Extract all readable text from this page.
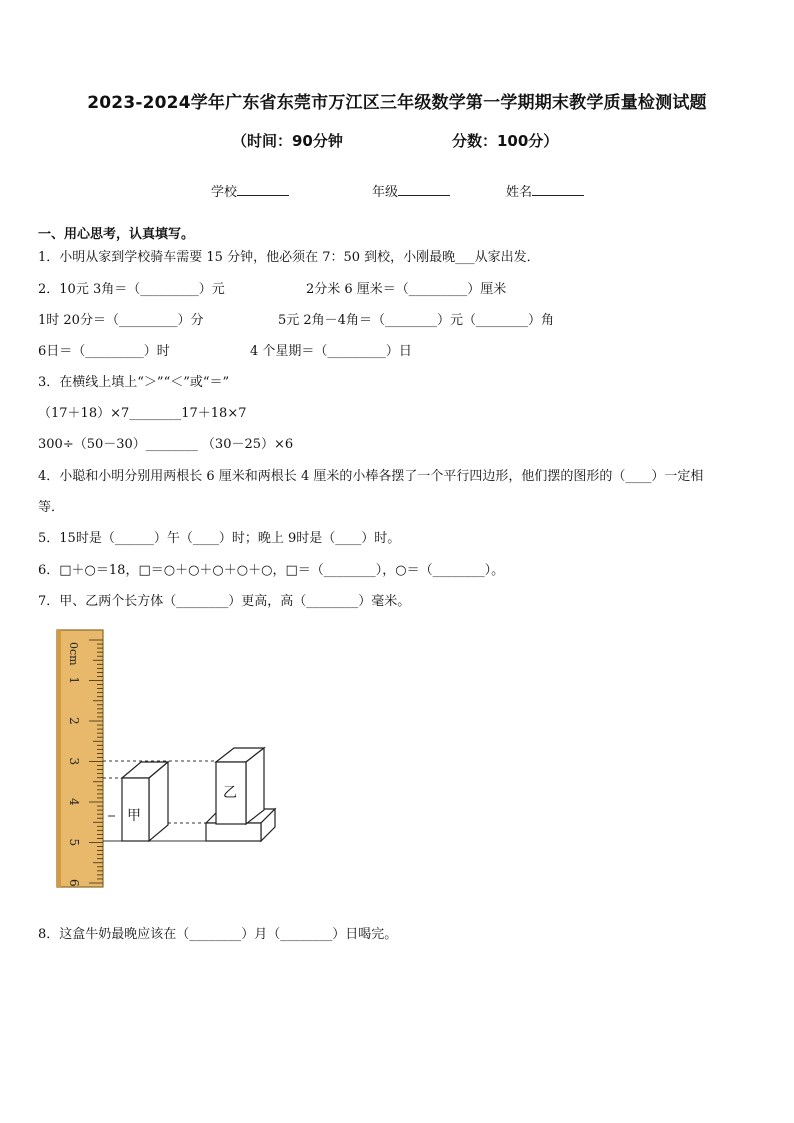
2023-2024学年广东省东莞市万江区三年级数学第一学期期末教学质量检测试题
（时间：90分钟	分数：100分）
学校	年级	姓名
一、用心思考，认真填写。
1．小明从家到学校骑车需要 15 分钟，他必须在 7：50 到校，小刚最晚___从家出发．
2．10元 3角＝（_________）元	2分米 6 厘米＝（_________）厘米
1时 20分＝（_________）分	5元 2角－4角＝（________）元（________）角
6日＝（_________）时	4 个星期＝（_________）日
3．在横线上填上“＞”“＜”或“＝”
（17＋18）×7________17＋18×7
300÷（50－30）________ （30－25）×6
4．小聪和小明分别用两根长 6 厘米和两根长 4 厘米的小棒各摆了一个平行四边形，他们摆的图形的（____）一定相
等．
5．15时是（______）午（____）时；晚上 9时是（____）时。
6．□＋○＝18，□＝○＋○＋○＋○＋○，□＝（________），○＝（________）。
7．甲、乙两个长方体（________）更高，高（________）毫米。
1
2
3
4
5
6
0cm
甲
乙
8．这盒牛奶最晚应该在（________）月（________）日喝完。
